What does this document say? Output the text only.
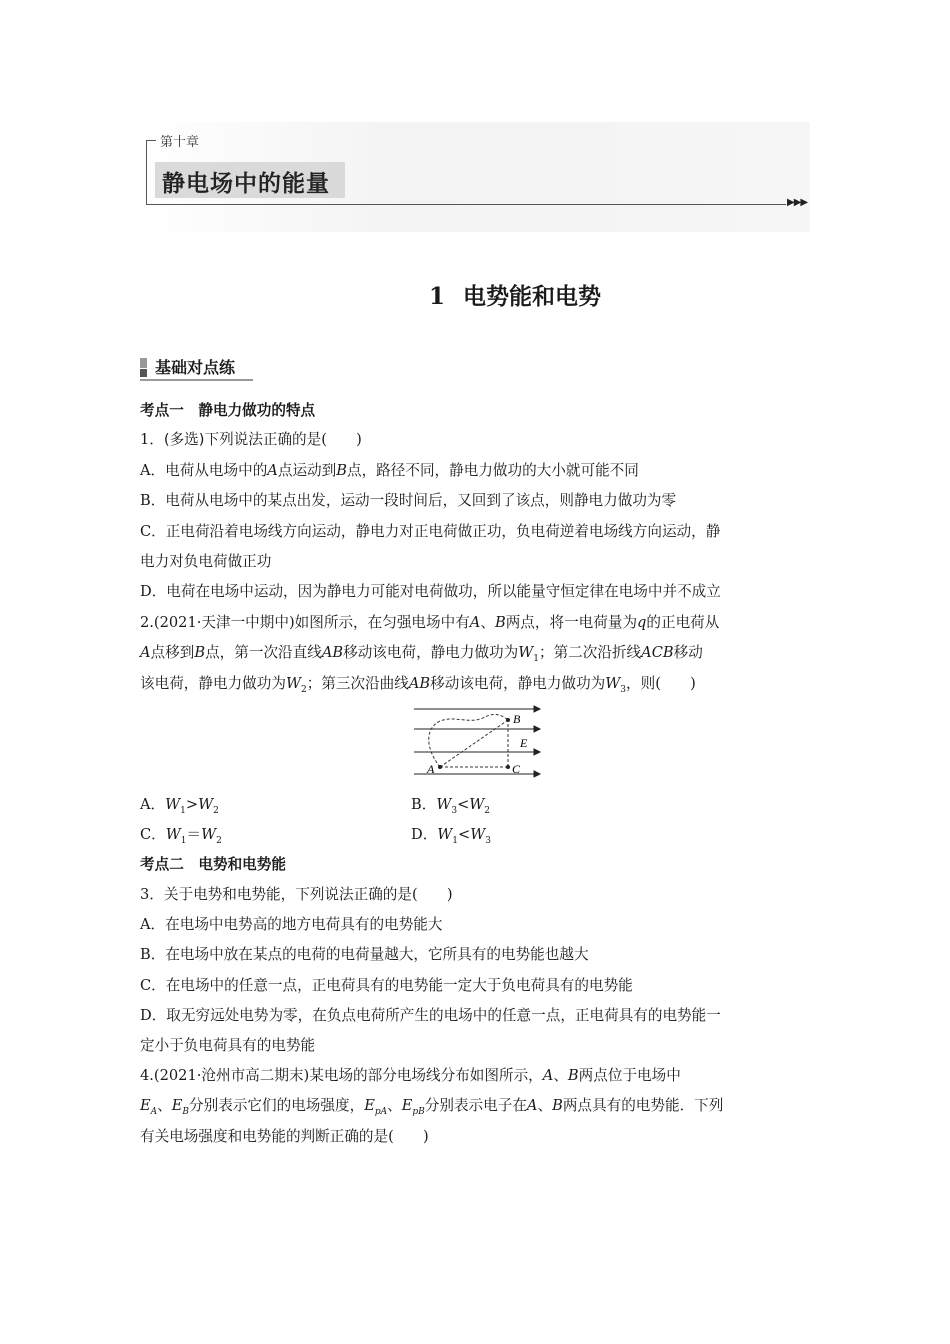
第十章
静电场中的能量
▶▶▶
1 电势能和电势
基础对点练
考点一　静电力做功的特点
1．(多选)下列说法正确的是(　　)
A．电荷从电场中的A点运动到B点，路径不同，静电力做功的大小就可能不同
B．电荷从电场中的某点出发，运动一段时间后，又回到了该点，则静电力做功为零
C．正电荷沿着电场线方向运动，静电力对正电荷做正功，负电荷逆着电场线方向运动，静
电力对负电荷做正功
D．电荷在电场中运动，因为静电力可能对电荷做功，所以能量守恒定律在电场中并不成立
2.(2021·天津一中期中)如图所示，在匀强电场中有A、B两点，将一电荷量为q的正电荷从
A点移到B点，第一次沿直线AB移动该电荷，静电力做功为$W_1$；第二次沿折线ACB移动
该电荷，静电力做功为$W_2$；第三次沿曲线AB移动该电荷，静电力做功为$W_3$，则(　　)
B
E
A	C
A．$W_1>W_2$	B．$W_3<W_2$
C．$W_1=W_2$	D．$W_1<W_3$
考点二　电势和电势能
3．关于电势和电势能，下列说法正确的是(　　)
A．在电场中电势高的地方电荷具有的电势能大
B．在电场中放在某点的电荷的电荷量越大，它所具有的电势能也越大
C．在电场中的任意一点，正电荷具有的电势能一定大于负电荷具有的电势能
D．取无穷远处电势为零，在负点电荷所产生的电场中的任意一点，正电荷具有的电势能一
定小于负电荷具有的电势能
4.(2021·沧州市高二期末)某电场的部分电场线分布如图所示，A、B两点位于电场中
$E_A$、$E_B$分别表示它们的电场强度，$E_{pA}$、$E_{pB}$分别表示电子在A、B两点具有的电势能．下列
有关电场强度和电势能的判断正确的是(　　)
